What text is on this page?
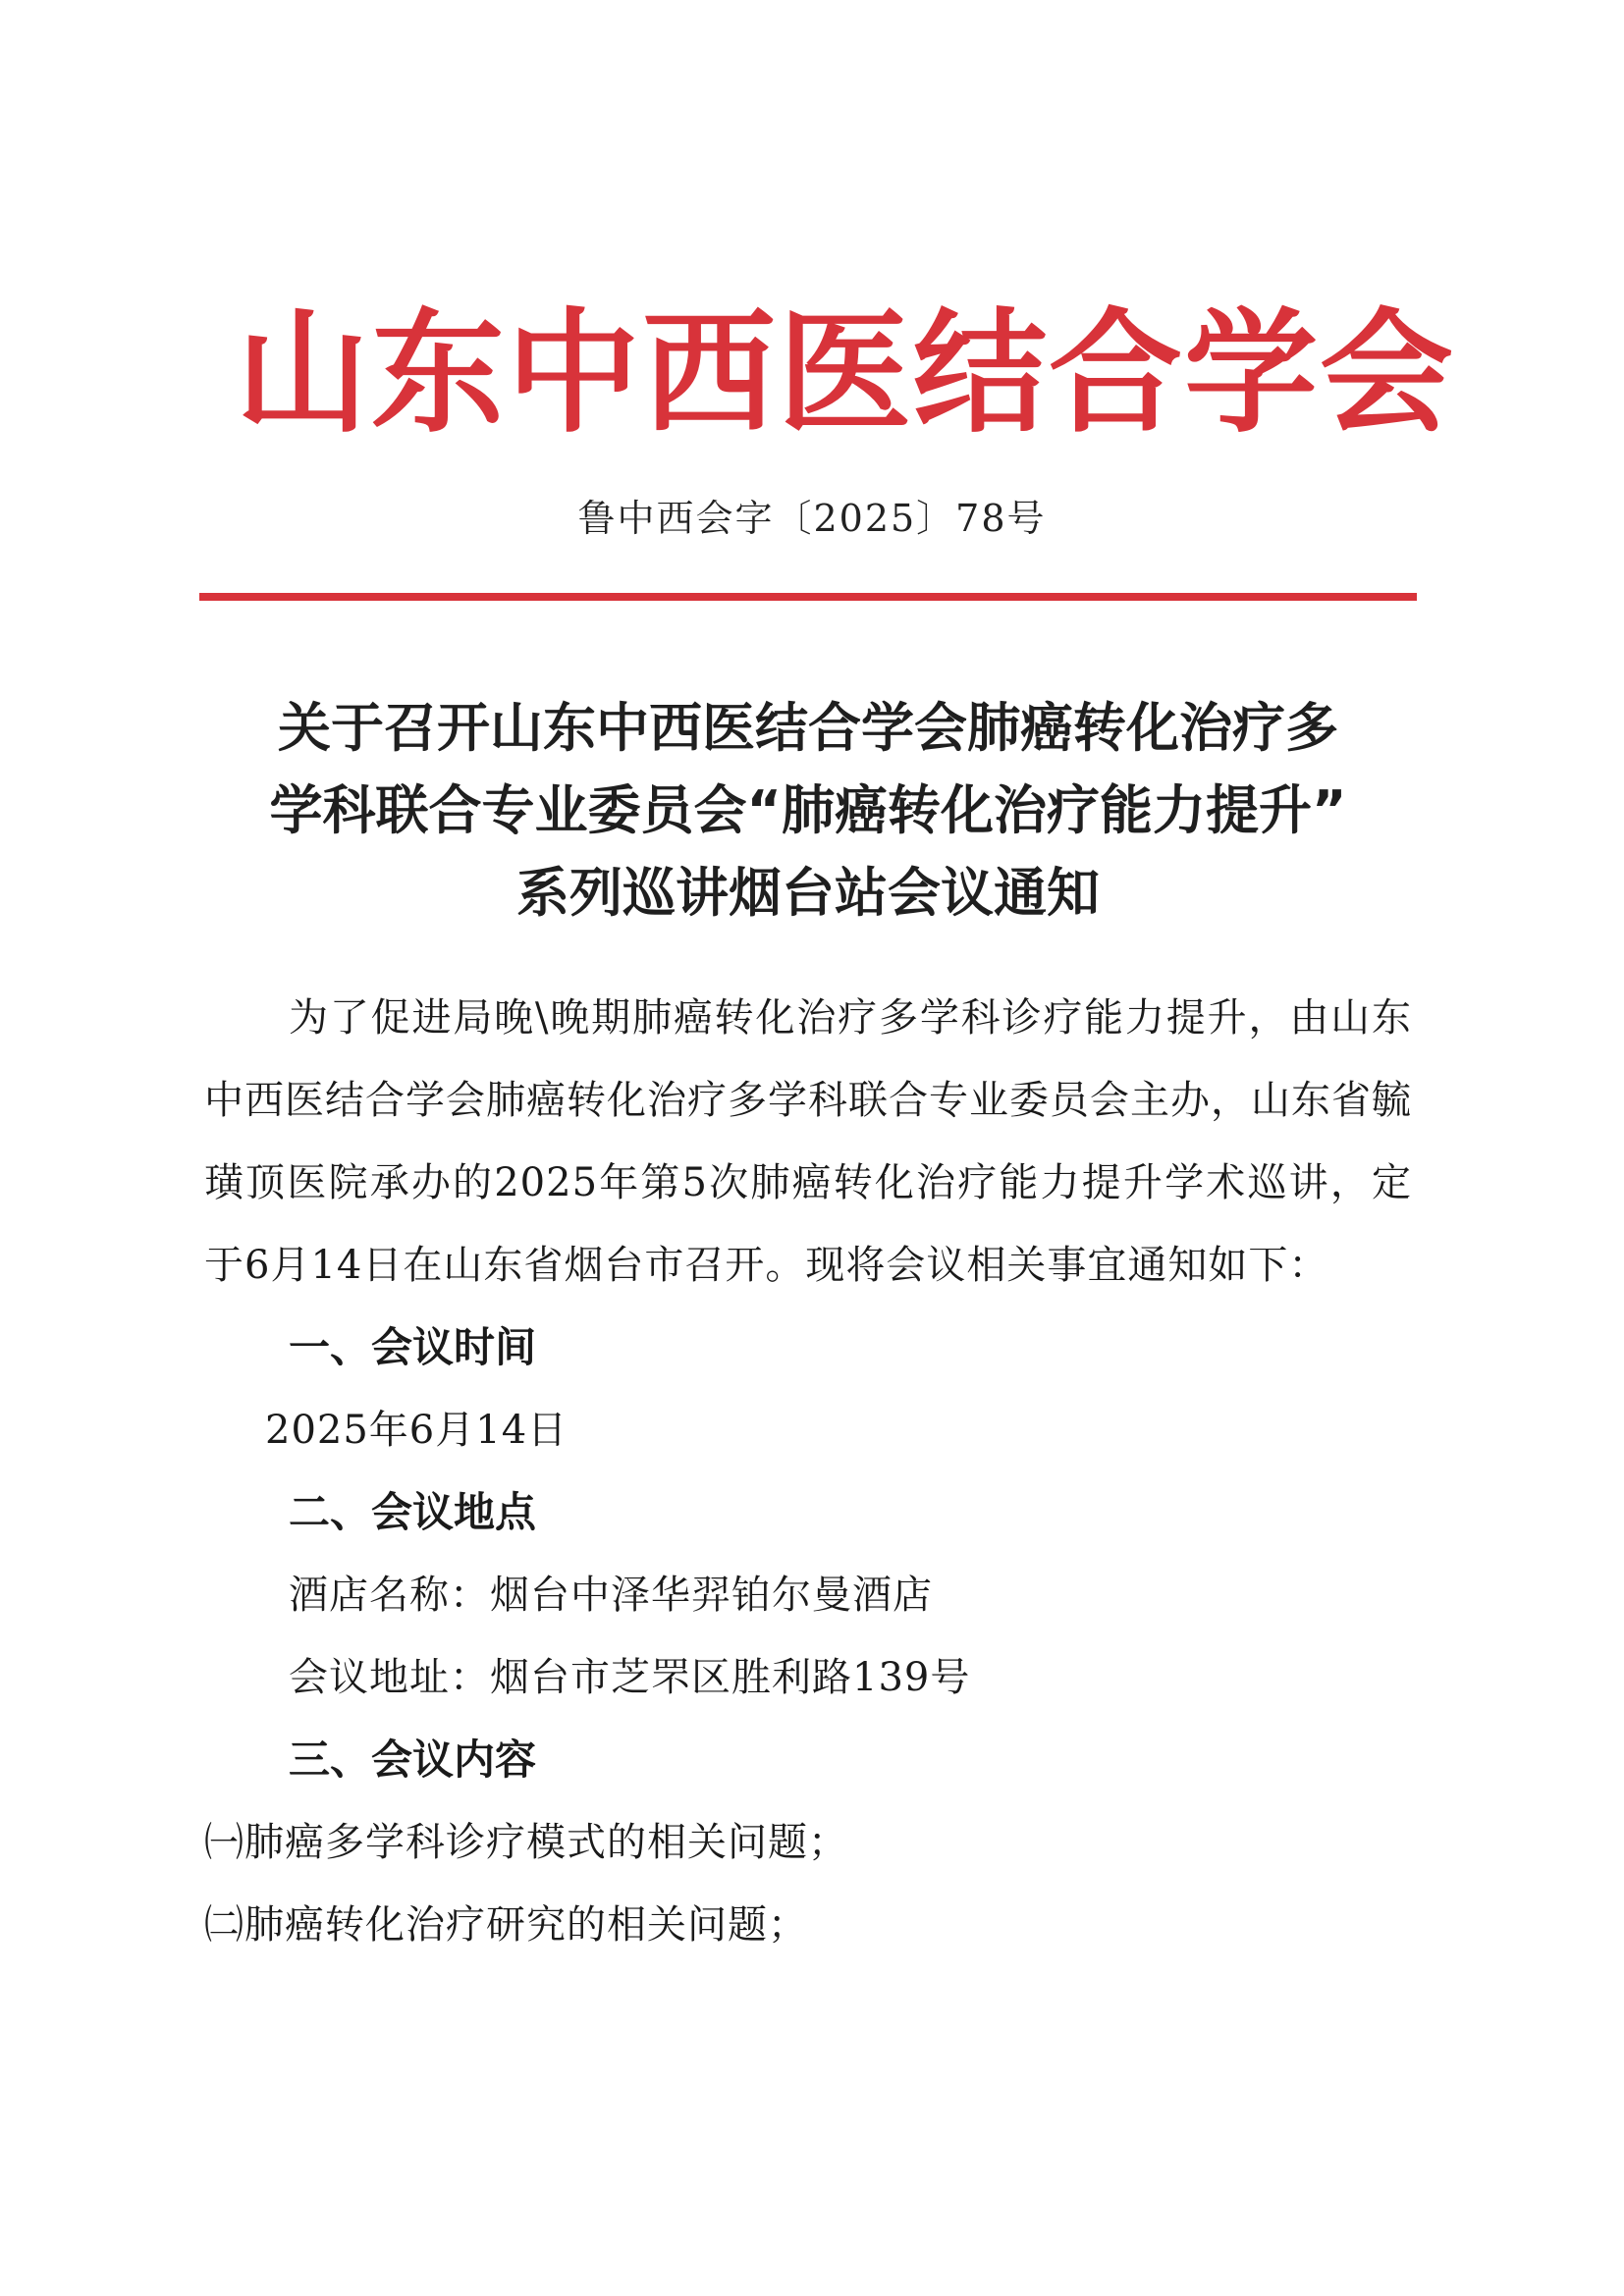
山东中西医结合学会
鲁中西会字〔2025〕78号
关于召开山东中西医结合学会肺癌转化治疗多
学科联合专业委员会“肺癌转化治疗能力提升”
系列巡讲烟台站会议通知

为了促进局晚\晚期肺癌转化治疗多学科诊疗能力提升，由山东中西医结合学会肺癌转化治疗多学科联合专业委员会主办，山东省毓璜顶医院承办的2025年第5次肺癌转化治疗能力提升学术巡讲，定于6月14日在山东省烟台市召开。现将会议相关事宜通知如下：

一、会议时间

2025年6月14日

二、会议地点

酒店名称：烟台中泽华羿铂尔曼酒店

会议地址：烟台市芝罘区胜利路139号

三、会议内容

㈠肺癌多学科诊疗模式的相关问题；

㈡肺癌转化治疗研究的相关问题；
